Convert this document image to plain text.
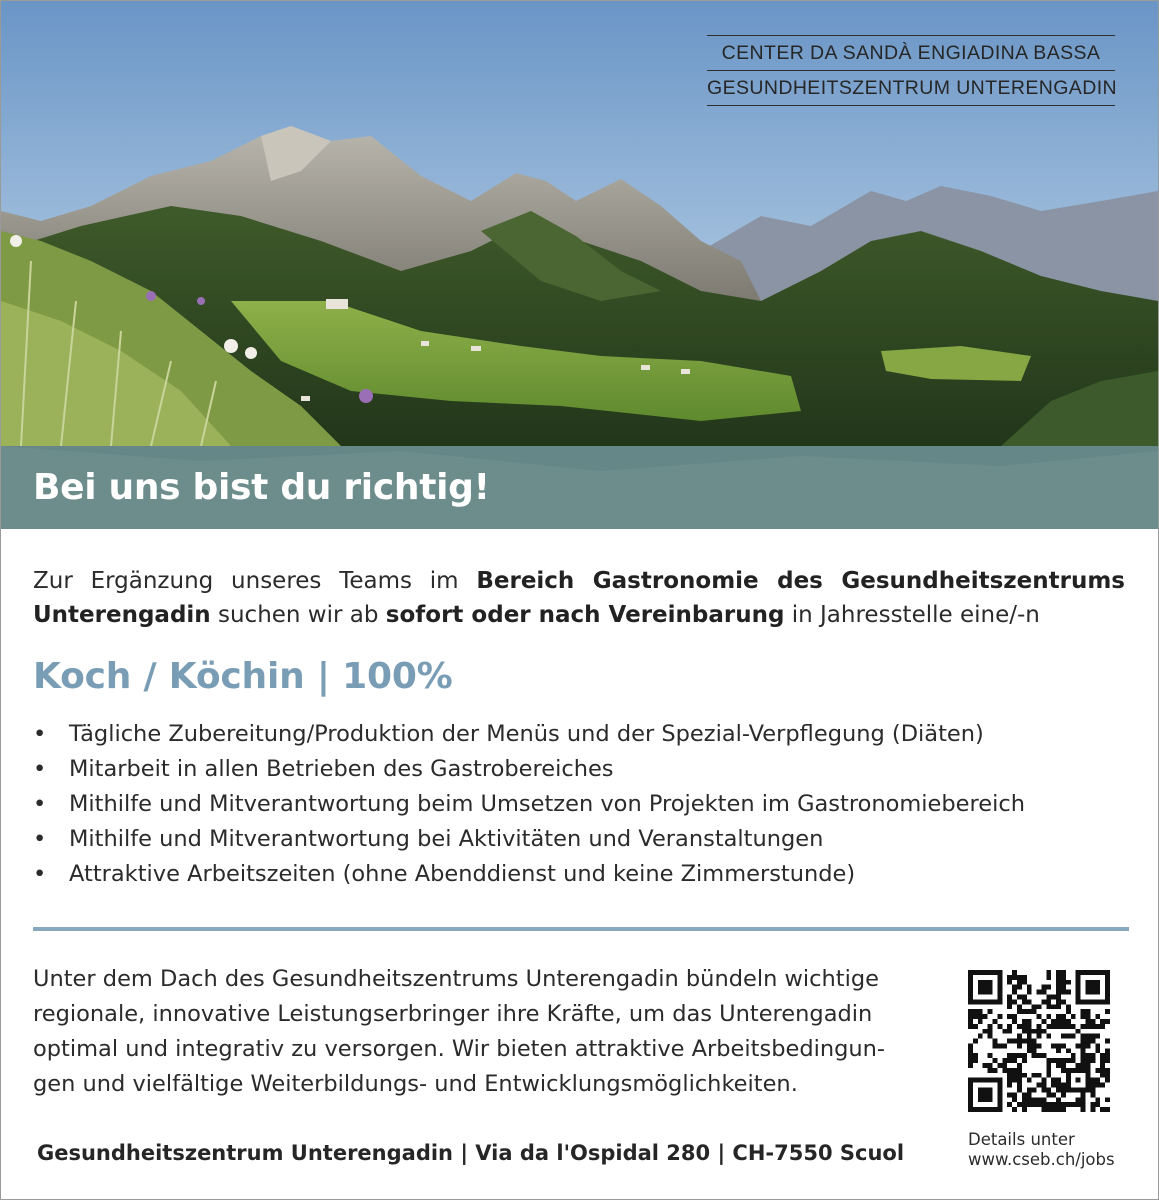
CENTER DA SANDÀ ENGIADINA BASSA
GESUNDHEITSZENTRUM UNTERENGADIN
Bei uns bist du richtig!

Zur Ergänzung unseres Teams im Bereich Gastronomie des Gesundheitszentrums Unterengadin suchen wir ab sofort oder nach Vereinbarung in Jahresstelle eine/-n

Koch / Köchin | 100%
• Tägliche Zubereitung/Produktion der Menüs und der Spezial-Verpflegung (Diäten)
• Mitarbeit in allen Betrieben des Gastrobereiches
• Mithilfe und Mitverantwortung beim Umsetzen von Projekten im Gastronomiebereich
• Mithilfe und Mitverantwortung bei Aktivitäten und Veranstaltungen
• Attraktive Arbeitszeiten (ohne Abenddienst und keine Zimmerstunde)
Unter dem Dach des Gesundheitszentrums Unterengadin bündeln wichtige
regionale, innovative Leistungserbringer ihre Kräfte, um das Unterengadin
optimal und integrativ zu versorgen. Wir bieten attraktive Arbeitsbedingun-
gen und vielfältige Weiterbildungs- und Entwicklungsmöglichkeiten.
Details unter
www.cseb.ch/jobs
Gesundheitszentrum Unterengadin | Via da l'Ospidal 280 | CH-7550 Scuol
